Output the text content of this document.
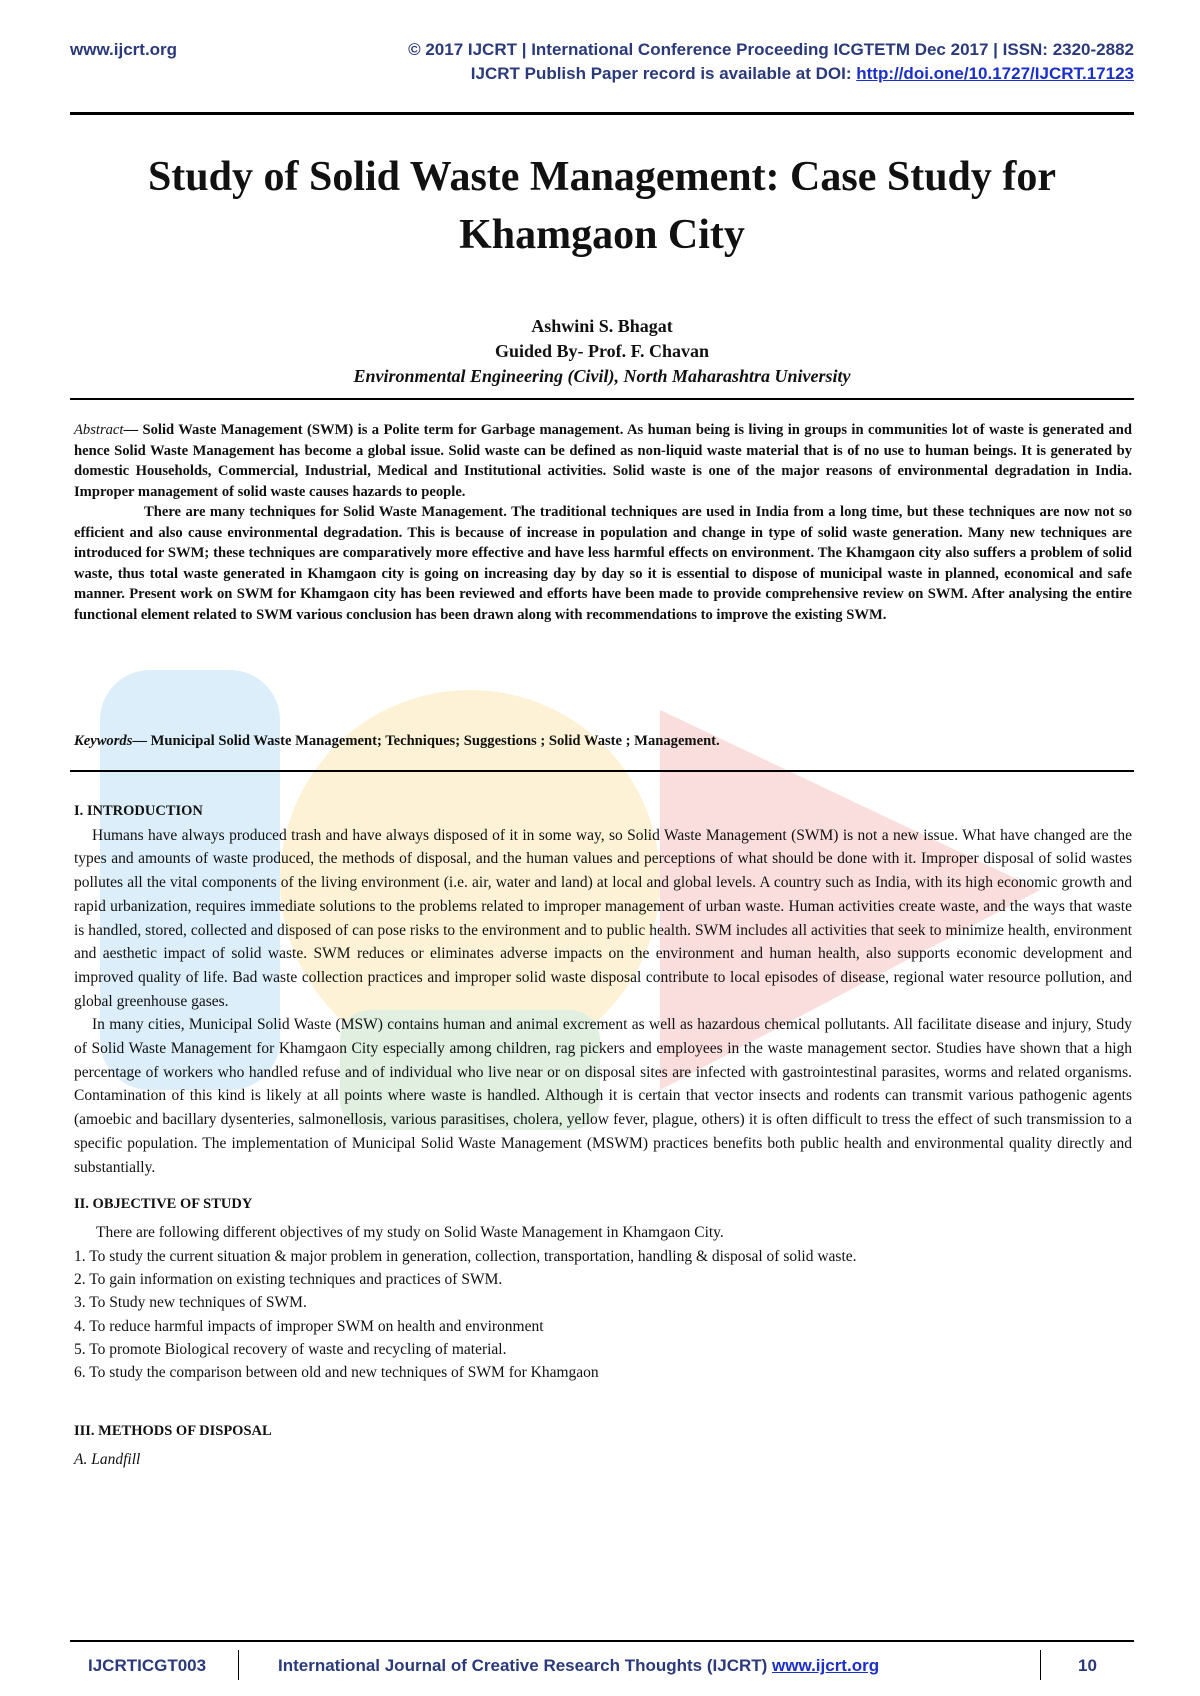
www.ijcrt.org	© 2017 IJCRT | International Conference Proceeding ICGTETM Dec 2017 | ISSN: 2320-2882
IJCRT Publish Paper record is available at DOI: http://doi.one/10.1727/IJCRT.17123
Study of Solid Waste Management: Case Study for Khamgaon City
Ashwini S. Bhagat
Guided By- Prof. F. Chavan
Environmental Engineering (Civil), North Maharashtra University

Abstract— Solid Waste Management (SWM) is a Polite term for Garbage management. As human being is living in groups in communities lot of waste is generated and hence Solid Waste Management has become a global issue. Solid waste can be defined as non-liquid waste material that is of no use to human beings. It is generated by domestic Households, Commercial, Industrial, Medical and Institutional activities. Solid waste is one of the major reasons of environmental degradation in India. Improper management of solid waste causes hazards to people.

There are many techniques for Solid Waste Management. The traditional techniques are used in India from a long time, but these techniques are now not so efficient and also cause environmental degradation. This is because of increase in population and change in type of solid waste generation. Many new techniques are introduced for SWM; these techniques are comparatively more effective and have less harmful effects on environment. The Khamgaon city also suffers a problem of solid waste, thus total waste generated in Khamgaon city is going on increasing day by day so it is essential to dispose of municipal waste in planned, economical and safe manner. Present work on SWM for Khamgaon city has been reviewed and efforts have been made to provide comprehensive review on SWM. After analysing the entire functional element related to SWM various conclusion has been drawn along with recommendations to improve the existing SWM.

Keywords— Municipal Solid Waste Management; Techniques; Suggestions ; Solid Waste ; Management.

I. INTRODUCTION

Humans have always produced trash and have always disposed of it in some way, so Solid Waste Management (SWM) is not a new issue. What have changed are the types and amounts of waste produced, the methods of disposal, and the human values and perceptions of what should be done with it. Improper disposal of solid wastes pollutes all the vital components of the living environment (i.e. air, water and land) at local and global levels. A country such as India, with its high economic growth and rapid urbanization, requires immediate solutions to the problems related to improper management of urban waste. Human activities create waste, and the ways that waste is handled, stored, collected and disposed of can pose risks to the environment and to public health. SWM includes all activities that seek to minimize health, environment and aesthetic impact of solid waste. SWM reduces or eliminates adverse impacts on the environment and human health, also supports economic development and improved quality of life. Bad waste collection practices and improper solid waste disposal contribute to local episodes of disease, regional water resource pollution, and global greenhouse gases.

In many cities, Municipal Solid Waste (MSW) contains human and animal excrement as well as hazardous chemical pollutants. All facilitate disease and injury, Study of Solid Waste Management for Khamgaon City especially among children, rag pickers and employees in the waste management sector. Studies have shown that a high percentage of workers who handled refuse and of individual who live near or on disposal sites are infected with gastrointestinal parasites, worms and related organisms. Contamination of this kind is likely at all points where waste is handled. Although it is certain that vector insects and rodents can transmit various pathogenic agents (amoebic and bacillary dysenteries, salmonellosis, various parasitises, cholera, yellow fever, plague, others) it is often difficult to tress the effect of such transmission to a specific population. The implementation of Municipal Solid Waste Management (MSWM) practices benefits both public health and environmental quality directly and substantially.

II. OBJECTIVE OF STUDY

There are following different objectives of my study on Solid Waste Management in Khamgaon City.

1. To study the current situation & major problem in generation, collection, transportation, handling & disposal of solid waste.
2. To gain information on existing techniques and practices of SWM.
3. To Study new techniques of SWM.
4. To reduce harmful impacts of improper SWM on health and environment
5. To promote Biological recovery of waste and recycling of material.
6. To study the comparison between old and new techniques of SWM for Khamgaon

III. METHODS OF DISPOSAL

A. Landfill

IJCRTICGT003	International Journal of Creative Research Thoughts (IJCRT) www.ijcrt.org	10
